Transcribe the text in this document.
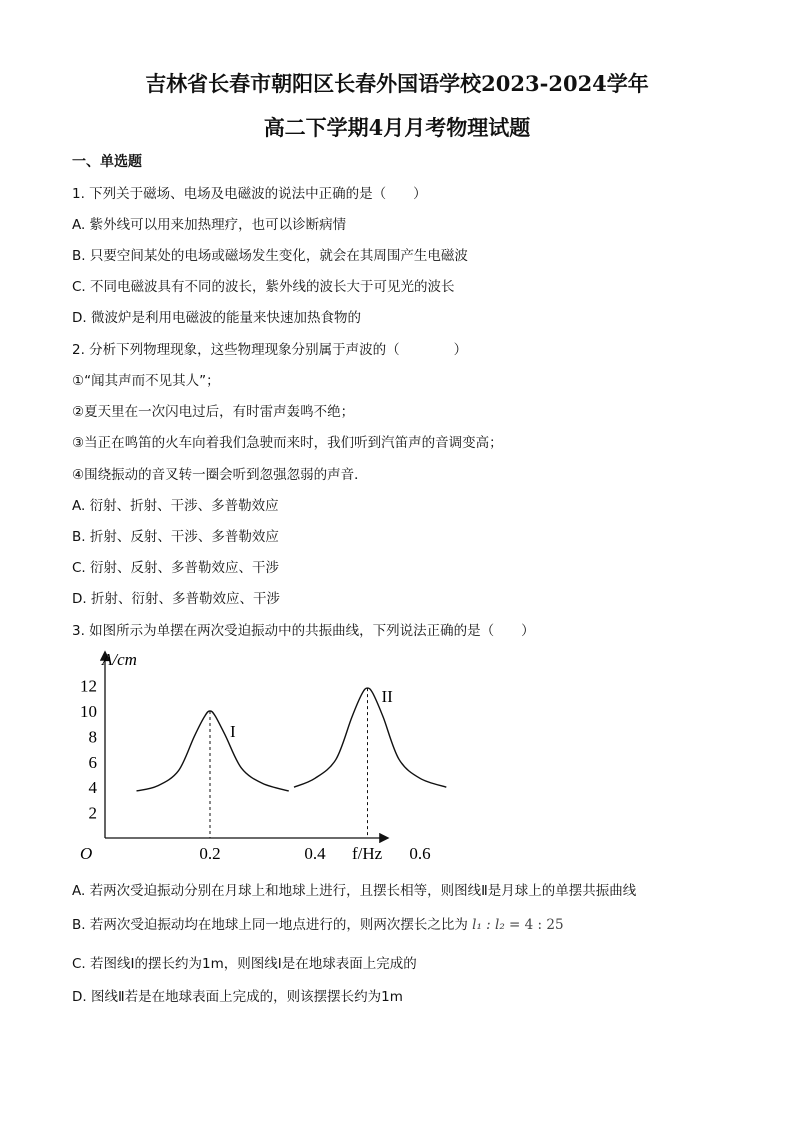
吉林省长春市朝阳区长春外国语学校2023-2024学年
高二下学期4月月考物理试题
一、单选题
1. 下列关于磁场、电场及电磁波的说法中正确的是（　　）
A. 紫外线可以用来加热理疗，也可以诊断病情
B. 只要空间某处的电场或磁场发生变化，就会在其周围产生电磁波
C. 不同电磁波具有不同的波长，紫外线的波长大于可见光的波长
D. 微波炉是利用电磁波的能量来快速加热食物的
2. 分析下列物理现象，这些物理现象分别属于声波的（　　　　）
①“闻其声而不见其人”；
②夏天里在一次闪电过后，有时雷声轰鸣不绝；
③当正在鸣笛的火车向着我们急驶而来时，我们听到汽笛声的音调变高；
④围绕振动的音叉转一圈会听到忽强忽弱的声音．
A. 衍射、折射、干涉、多普勒效应
B. 折射、反射、干涉、多普勒效应
C. 衍射、反射、多普勒效应、干涉
D. 折射、衍射、多普勒效应、干涉
3. 如图所示为单摆在两次受迫振动中的共振曲线，下列说法正确的是（　　）
A/cm
f/Hz
O
2
4
6
8
10
12
0.2	0.4	0.6
I
II
A. 若两次受迫振动分别在月球上和地球上进行，且摆长相等，则图线Ⅱ是月球上的单摆共振曲线
B. 若两次受迫振动均在地球上同一地点进行的，则两次摆长之比为 l₁ : l₂ = 4 : 25
C. 若图线Ⅰ的摆长约为1m，则图线Ⅰ是在地球表面上完成的
D. 图线Ⅱ若是在地球表面上完成的，则该摆摆长约为1m
